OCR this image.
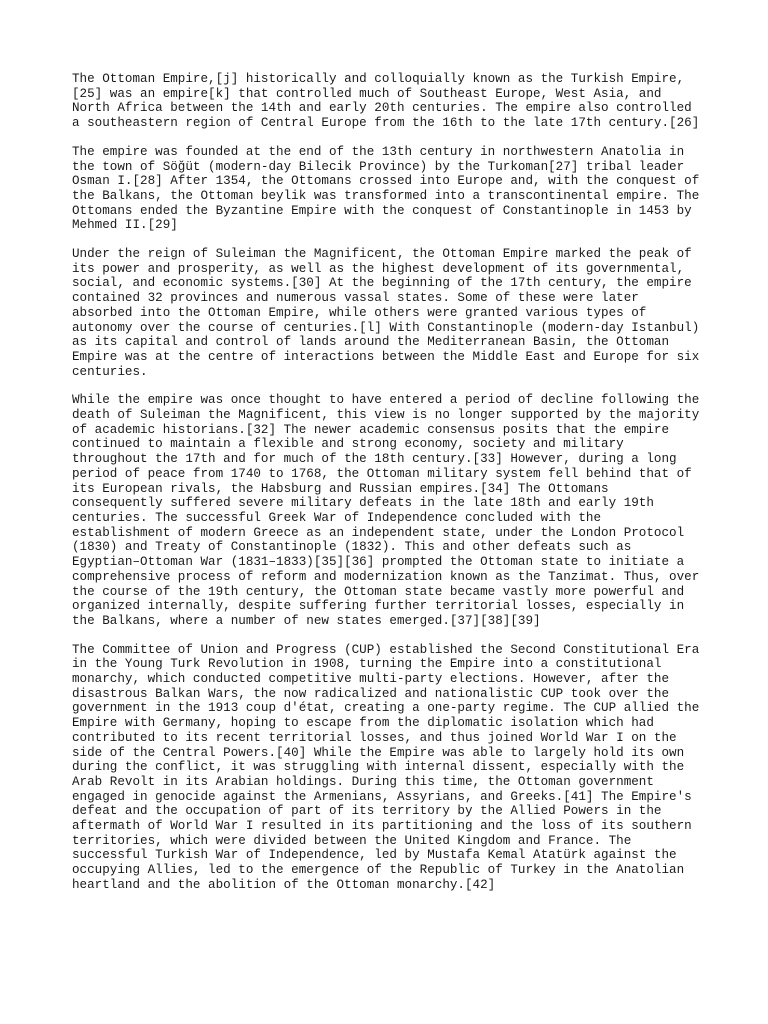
The Ottoman Empire,[j] historically and colloquially known as the Turkish Empire,
[25] was an empire[k] that controlled much of Southeast Europe, West Asia, and
North Africa between the 14th and early 20th centuries. The empire also controlled
a southeastern region of Central Europe from the 16th to the late 17th century.[26]

The empire was founded at the end of the 13th century in northwestern Anatolia in
the town of Söğüt (modern-day Bilecik Province) by the Turkoman[27] tribal leader
Osman I.[28] After 1354, the Ottomans crossed into Europe and, with the conquest of
the Balkans, the Ottoman beylik was transformed into a transcontinental empire. The
Ottomans ended the Byzantine Empire with the conquest of Constantinople in 1453 by
Mehmed II.[29]

Under the reign of Suleiman the Magnificent, the Ottoman Empire marked the peak of
its power and prosperity, as well as the highest development of its governmental,
social, and economic systems.[30] At the beginning of the 17th century, the empire
contained 32 provinces and numerous vassal states. Some of these were later
absorbed into the Ottoman Empire, while others were granted various types of
autonomy over the course of centuries.[l] With Constantinople (modern-day Istanbul)
as its capital and control of lands around the Mediterranean Basin, the Ottoman
Empire was at the centre of interactions between the Middle East and Europe for six
centuries.

While the empire was once thought to have entered a period of decline following the
death of Suleiman the Magnificent, this view is no longer supported by the majority
of academic historians.[32] The newer academic consensus posits that the empire
continued to maintain a flexible and strong economy, society and military
throughout the 17th and for much of the 18th century.[33] However, during a long
period of peace from 1740 to 1768, the Ottoman military system fell behind that of
its European rivals, the Habsburg and Russian empires.[34] The Ottomans
consequently suffered severe military defeats in the late 18th and early 19th
centuries. The successful Greek War of Independence concluded with the
establishment of modern Greece as an independent state, under the London Protocol
(1830) and Treaty of Constantinople (1832). This and other defeats such as
Egyptian–Ottoman War (1831–1833)[35][36] prompted the Ottoman state to initiate a
comprehensive process of reform and modernization known as the Tanzimat. Thus, over
the course of the 19th century, the Ottoman state became vastly more powerful and
organized internally, despite suffering further territorial losses, especially in
the Balkans, where a number of new states emerged.[37][38][39]

The Committee of Union and Progress (CUP) established the Second Constitutional Era
in the Young Turk Revolution in 1908, turning the Empire into a constitutional
monarchy, which conducted competitive multi-party elections. However, after the
disastrous Balkan Wars, the now radicalized and nationalistic CUP took over the
government in the 1913 coup d'état, creating a one-party regime. The CUP allied the
Empire with Germany, hoping to escape from the diplomatic isolation which had
contributed to its recent territorial losses, and thus joined World War I on the
side of the Central Powers.[40] While the Empire was able to largely hold its own
during the conflict, it was struggling with internal dissent, especially with the
Arab Revolt in its Arabian holdings. During this time, the Ottoman government
engaged in genocide against the Armenians, Assyrians, and Greeks.[41] The Empire's
defeat and the occupation of part of its territory by the Allied Powers in the
aftermath of World War I resulted in its partitioning and the loss of its southern
territories, which were divided between the United Kingdom and France. The
successful Turkish War of Independence, led by Mustafa Kemal Atatürk against the
occupying Allies, led to the emergence of the Republic of Turkey in the Anatolian
heartland and the abolition of the Ottoman monarchy.[42]
